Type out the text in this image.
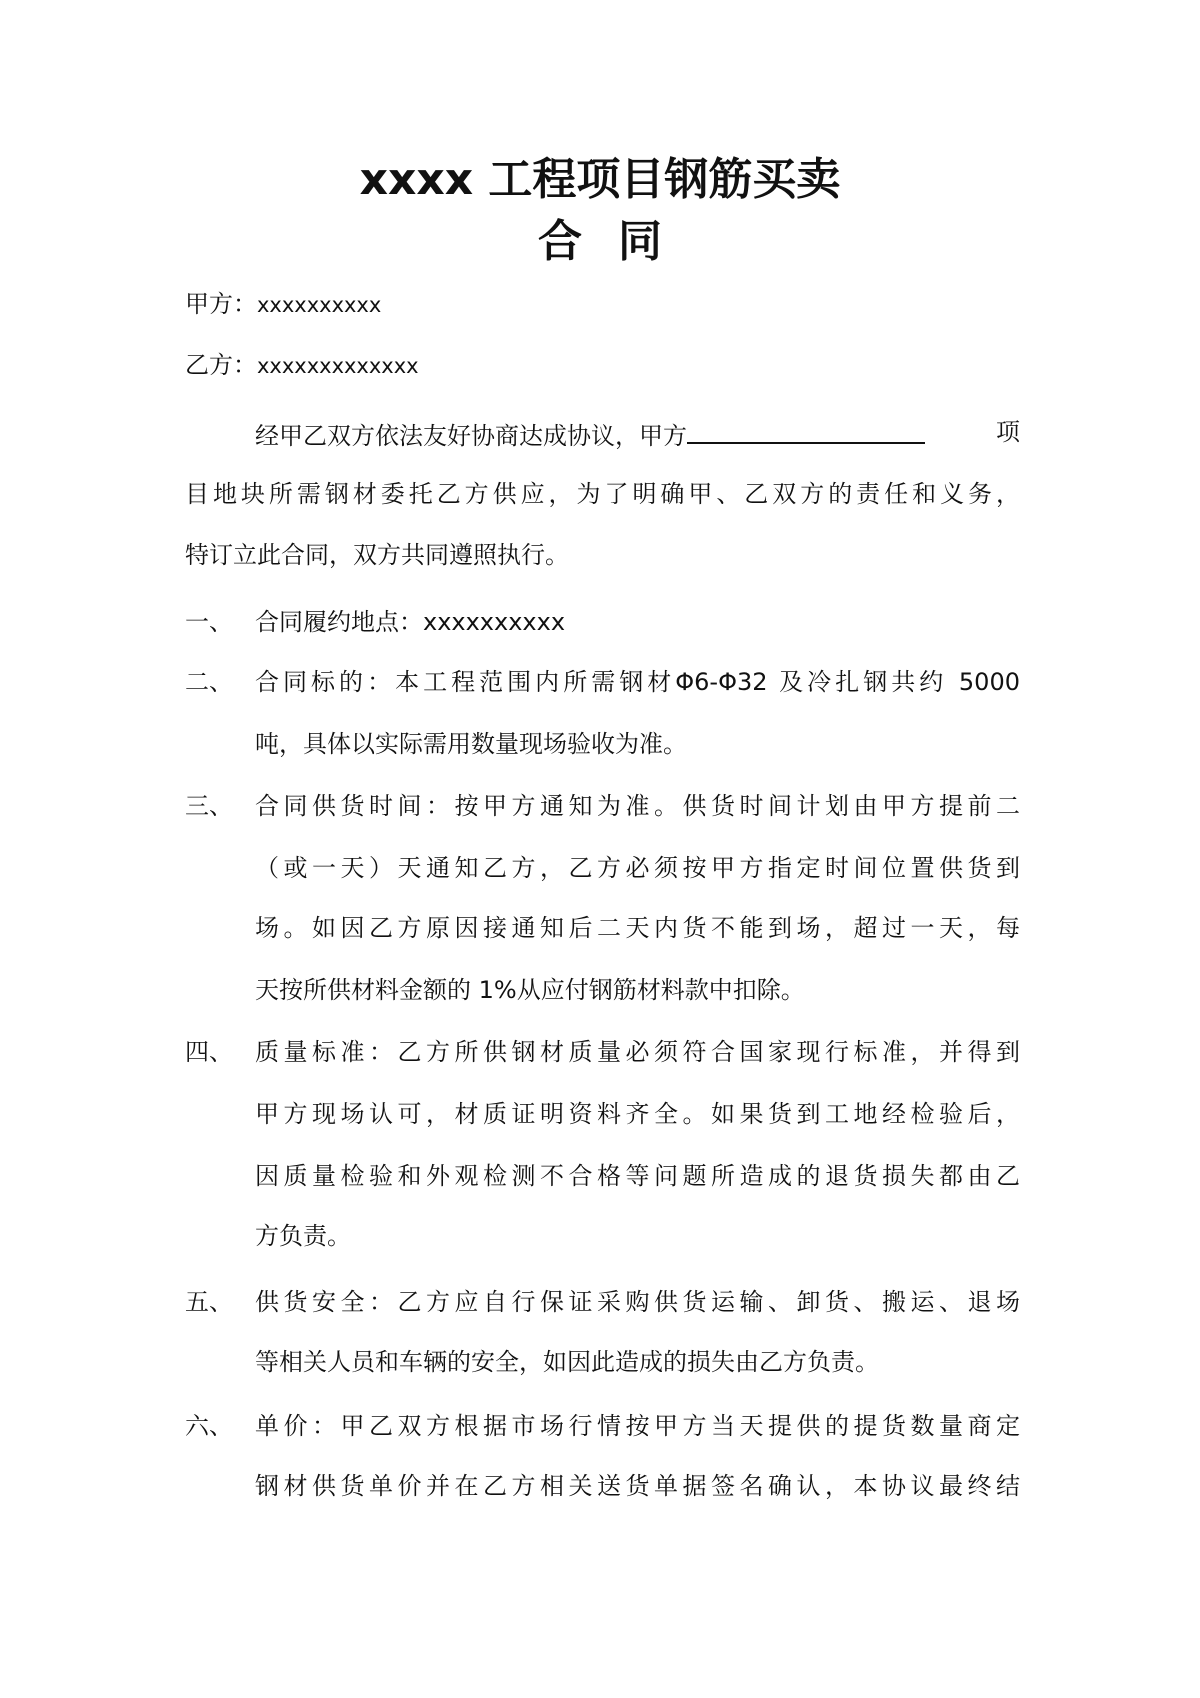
xxxx 工程项目钢筋买卖
合同
甲方：xxxxxxxxxx
乙方：xxxxxxxxxxxxx
经甲乙双方依法友好协商达成协议，甲方	项
目地块所需钢材委托乙方供应，为了明确甲、乙双方的责任和义务，
特订立此合同，双方共同遵照执行。
一、 合同履约地点：xxxxxxxxxx
二、 合同标的：本工程范围内所需钢材Φ6-Φ32 及冷扎钢共约 5000
吨，具体以实际需用数量现场验收为准。
三、 合同供货时间：按甲方通知为准。供货时间计划由甲方提前二
（或一天）天通知乙方，乙方必须按甲方指定时间位置供货到
场。如因乙方原因接通知后二天内货不能到场，超过一天，每
天按所供材料金额的 1%从应付钢筋材料款中扣除。
四、 质量标准：乙方所供钢材质量必须符合国家现行标准，并得到
甲方现场认可，材质证明资料齐全。如果货到工地经检验后，
因质量检验和外观检测不合格等问题所造成的退货损失都由乙
方负责。
五、 供货安全：乙方应自行保证采购供货运输、卸货、搬运、退场
等相关人员和车辆的安全，如因此造成的损失由乙方负责。
六、 单价：甲乙双方根据市场行情按甲方当天提供的提货数量商定
钢材供货单价并在乙方相关送货单据签名确认，本协议最终结
